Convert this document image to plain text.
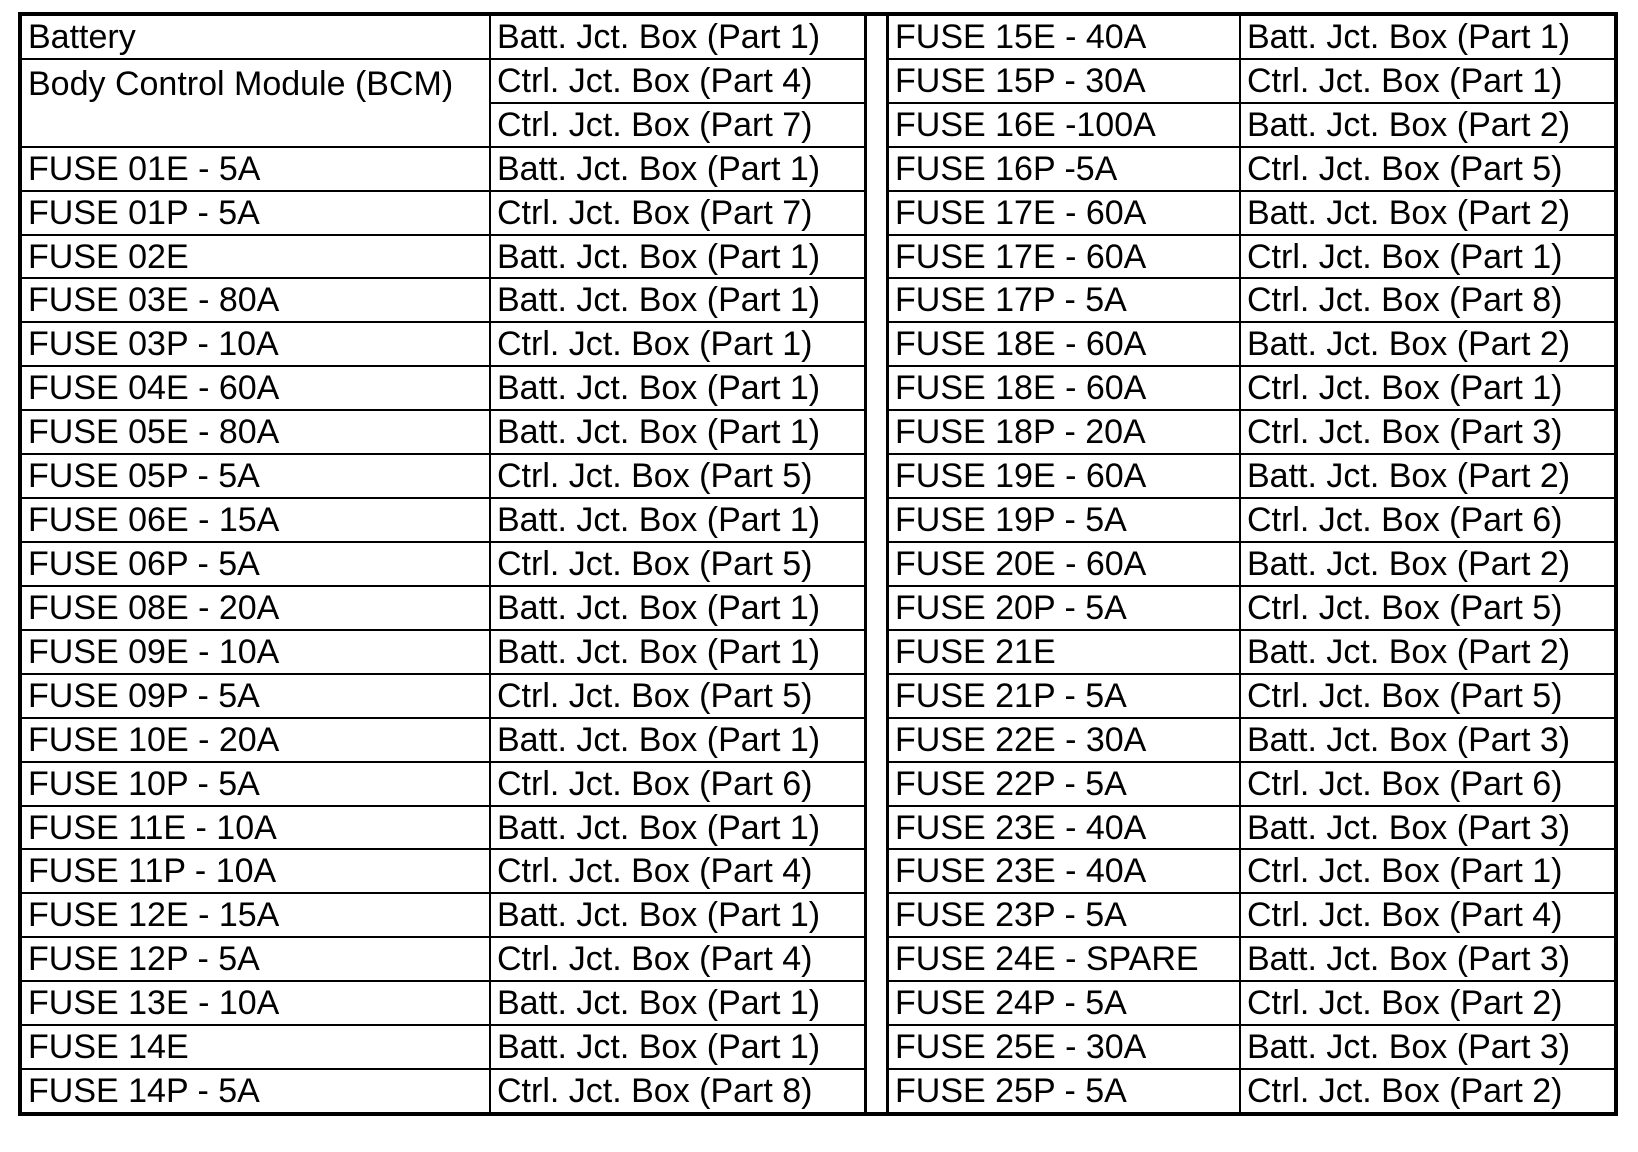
Battery	Batt. Jct. Box (Part 1)
Body Control Module (BCM)	Ctrl. Jct. Box (Part 4)
	Ctrl. Jct. Box (Part 7)
FUSE 01E - 5A	Batt. Jct. Box (Part 1)
FUSE 01P - 5A	Ctrl. Jct. Box (Part 7)
FUSE 02E	Batt. Jct. Box (Part 1)
FUSE 03E - 80A	Batt. Jct. Box (Part 1)
FUSE 03P - 10A	Ctrl. Jct. Box (Part 1)
FUSE 04E - 60A	Batt. Jct. Box (Part 1)
FUSE 05E - 80A	Batt. Jct. Box (Part 1)
FUSE 05P - 5A	Ctrl. Jct. Box (Part 5)
FUSE 06E - 15A	Batt. Jct. Box (Part 1)
FUSE 06P - 5A	Ctrl. Jct. Box (Part 5)
FUSE 08E - 20A	Batt. Jct. Box (Part 1)
FUSE 09E - 10A	Batt. Jct. Box (Part 1)
FUSE 09P - 5A	Ctrl. Jct. Box (Part 5)
FUSE 10E - 20A	Batt. Jct. Box (Part 1)
FUSE 10P - 5A	Ctrl. Jct. Box (Part 6)
FUSE 11E - 10A	Batt. Jct. Box (Part 1)
FUSE 11P - 10A	Ctrl. Jct. Box (Part 4)
FUSE 12E - 15A	Batt. Jct. Box (Part 1)
FUSE 12P - 5A	Ctrl. Jct. Box (Part 4)
FUSE 13E - 10A	Batt. Jct. Box (Part 1)
FUSE 14E	Batt. Jct. Box (Part 1)
FUSE 14P - 5A	Ctrl. Jct. Box (Part 8)
FUSE 15E - 40A	Batt. Jct. Box (Part 1)
FUSE 15P - 30A	Ctrl. Jct. Box (Part 1)
FUSE 16E -100A	Batt. Jct. Box (Part 2)
FUSE 16P -5A	Ctrl. Jct. Box (Part 5)
FUSE 17E - 60A	Batt. Jct. Box (Part 2)
FUSE 17E - 60A	Ctrl. Jct. Box (Part 1)
FUSE 17P - 5A	Ctrl. Jct. Box (Part 8)
FUSE 18E - 60A	Batt. Jct. Box (Part 2)
FUSE 18E - 60A	Ctrl. Jct. Box (Part 1)
FUSE 18P - 20A	Ctrl. Jct. Box (Part 3)
FUSE 19E - 60A	Batt. Jct. Box (Part 2)
FUSE 19P - 5A	Ctrl. Jct. Box (Part 6)
FUSE 20E - 60A	Batt. Jct. Box (Part 2)
FUSE 20P - 5A	Ctrl. Jct. Box (Part 5)
FUSE 21E	Batt. Jct. Box (Part 2)
FUSE 21P - 5A	Ctrl. Jct. Box (Part 5)
FUSE 22E - 30A	Batt. Jct. Box (Part 3)
FUSE 22P - 5A	Ctrl. Jct. Box (Part 6)
FUSE 23E - 40A	Batt. Jct. Box (Part 3)
FUSE 23E - 40A	Ctrl. Jct. Box (Part 1)
FUSE 23P - 5A	Ctrl. Jct. Box (Part 4)
FUSE 24E - SPARE	Batt. Jct. Box (Part 3)
FUSE 24P - 5A	Ctrl. Jct. Box (Part 2)
FUSE 25E - 30A	Batt. Jct. Box (Part 3)
FUSE 25P - 5A	Ctrl. Jct. Box (Part 2)
